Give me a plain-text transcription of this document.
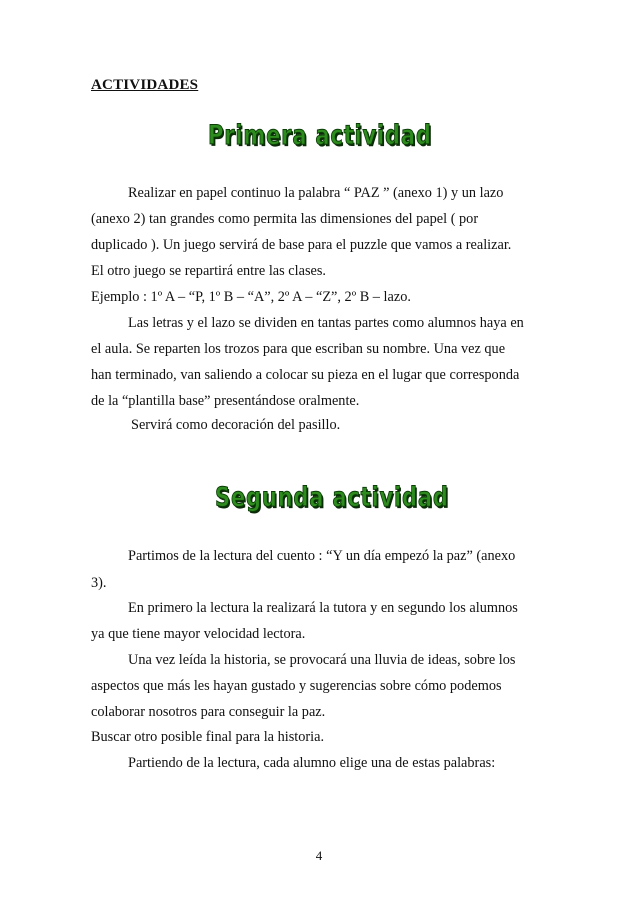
ACTIVIDADES
Primera actividad
Realizar en papel continuo la palabra “ PAZ ” (anexo 1) y un lazo
(anexo 2) tan grandes como permita las dimensiones del papel ( por
duplicado ). Un juego servirá de base para el puzzle que vamos a realizar.
El otro juego se repartirá entre las clases.
Ejemplo : 1º A – “P, 1º B – “A”, 2º A – “Z”, 2º B – lazo.
Las letras y el lazo se dividen en tantas partes como alumnos haya en
el aula. Se reparten los trozos para que escriban su nombre. Una vez que
han terminado, van saliendo a colocar su pieza en el lugar que corresponda
de la “plantilla base” presentándose oralmente.
Servirá como decoración del pasillo.
Segunda actividad
Partimos de la lectura del cuento : “Y un día empezó la paz” (anexo
3).
En primero la lectura la realizará la tutora y en segundo los alumnos
ya que tiene mayor velocidad lectora.
Una vez leída la historia, se provocará una lluvia de ideas, sobre los
aspectos que más les hayan gustado y sugerencias sobre cómo podemos
colaborar nosotros para conseguir la paz.
Buscar otro posible final para la historia.
Partiendo de la lectura, cada alumno elige una de estas palabras:
4
